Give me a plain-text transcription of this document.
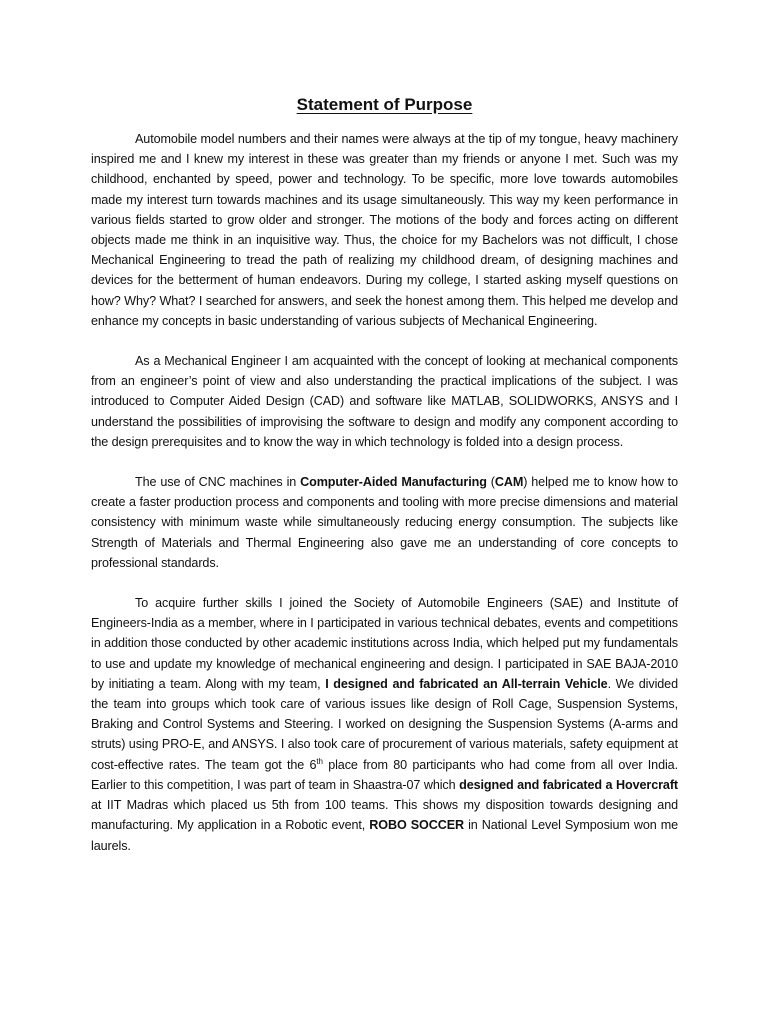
Statement of Purpose

Automobile model numbers and their names were always at the tip of my tongue, heavy machinery inspired me and I knew my interest in these was greater than my friends or anyone I met. Such was my childhood, enchanted by speed, power and technology. To be specific, more love towards automobiles made my interest turn towards machines and its usage simultaneously. This way my keen performance in various fields started to grow older and stronger. The motions of the body and forces acting on different objects made me think in an inquisitive way. Thus, the choice for my Bachelors was not difficult, I chose Mechanical Engineering to tread the path of realizing my childhood dream, of designing machines and devices for the betterment of human endeavors. During my college, I started asking myself questions on how? Why? What? I searched for answers, and seek the honest among them. This helped me develop and enhance my concepts in basic understanding of various subjects of Mechanical Engineering.

As a Mechanical Engineer I am acquainted with the concept of looking at mechanical components from an engineer’s point of view and also understanding the practical implications of the subject. I was introduced to Computer Aided Design (CAD) and software like MATLAB, SOLIDWORKS, ANSYS and I understand the possibilities of improvising the software to design and modify any component according to the design prerequisites and to know the way in which technology is folded into a design process.

The use of CNC machines in Computer-Aided Manufacturing (CAM) helped me to know how to create a faster production process and components and tooling with more precise dimensions and material consistency with minimum waste while simultaneously reducing energy consumption. The subjects like Strength of Materials and Thermal Engineering also gave me an understanding of core concepts to professional standards.

To acquire further skills I joined the Society of Automobile Engineers (SAE) and Institute of Engineers-India as a member, where in I participated in various technical debates, events and competitions in addition those conducted by other academic institutions across India, which helped put my fundamentals to use and update my knowledge of mechanical engineering and design. I participated in SAE BAJA-2010 by initiating a team. Along with my team, I designed and fabricated an All-terrain Vehicle. We divided the team into groups which took care of various issues like design of Roll Cage, Suspension Systems, Braking and Control Systems and Steering. I worked on designing the Suspension Systems (A-arms and struts) using PRO-E, and ANSYS. I also took care of procurement of various materials, safety equipment at cost-effective rates. The team got the 6th place from 80 participants who had come from all over India. Earlier to this competition, I was part of team in Shaastra-07 which designed and fabricated a Hovercraft at IIT Madras which placed us 5th from 100 teams. This shows my disposition towards designing and manufacturing. My application in a Robotic event, ROBO SOCCER in National Level Symposium won me laurels.
